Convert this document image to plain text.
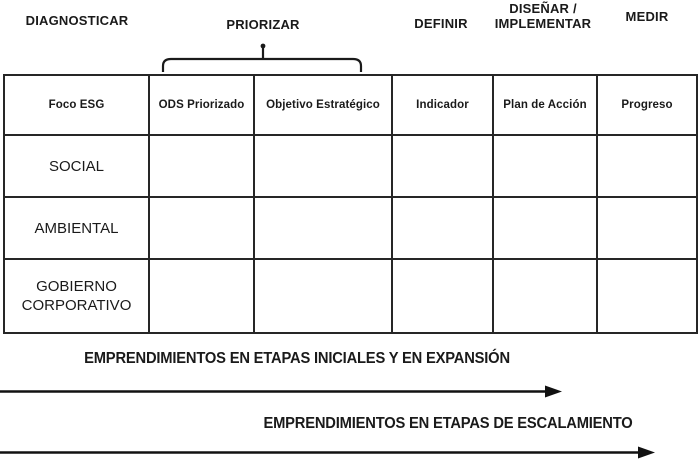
DIAGNOSTICAR	PRIORIZAR	DEFINIR
DISEÑAR /
IMPLEMENTAR	MEDIR
Foco ESG	ODS Priorizado	Objetivo Estratégico	Indicador	Plan de Acción	Progreso
SOCIAL					
AMBIENTAL					
GOBIERNO CORPORATIVO					
EMPRENDIMIENTOS EN ETAPAS INICIALES Y EN EXPANSIÓN
EMPRENDIMIENTOS EN ETAPAS DE ESCALAMIENTO
